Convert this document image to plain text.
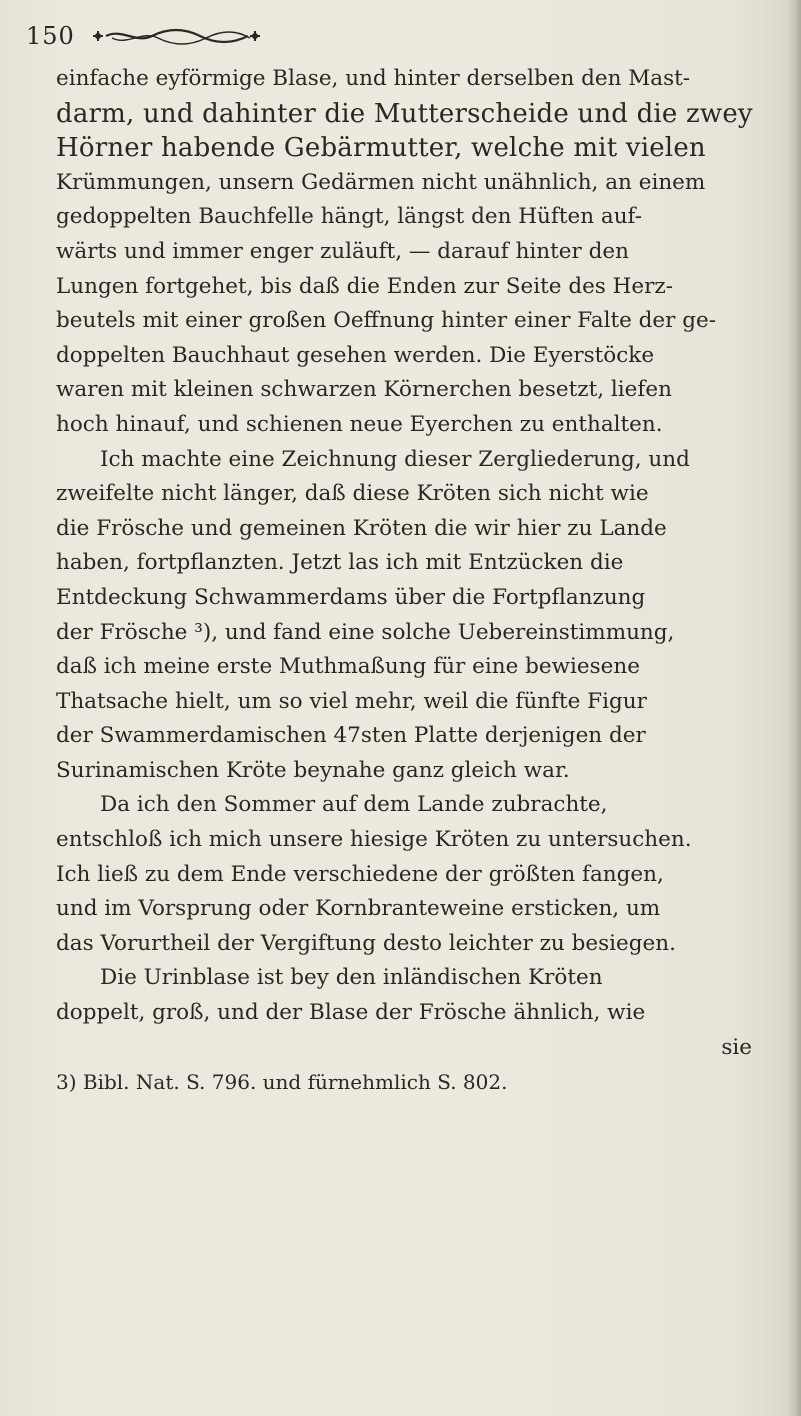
150
einfache eyförmige Blase, und hinter derselben den Mast-
darm, und dahinter die Mutterscheide und die zwey
Hörner habende Gebärmutter, welche mit vielen
Krümmungen, unsern Gedärmen nicht unähnlich, an einem
gedoppelten Bauchfelle hängt, längst den Hüften auf-
wärts und immer enger zuläuft, — darauf hinter den
Lungen fortgehet, bis daß die Enden zur Seite des Herz-
beutels mit einer großen Oeffnung hinter einer Falte der ge-
doppelten Bauchhaut gesehen werden. Die Eyerstöcke
waren mit kleinen schwarzen Körnerchen besetzt, liefen
hoch hinauf, und schienen neue Eyerchen zu enthalten.
Ich machte eine Zeichnung dieser Zergliederung, und
zweifelte nicht länger, daß diese Kröten sich nicht wie
die Frösche und gemeinen Kröten die wir hier zu Lande
haben, fortpflanzten. Jetzt las ich mit Entzücken die
Entdeckung Schwammerdams über die Fortpflanzung
der Frösche ³), und fand eine solche Uebereinstimmung,
daß ich meine erste Muthmaßung für eine bewiesene
Thatsache hielt, um so viel mehr, weil die fünfte Figur
der Swammerdamischen 47sten Platte derjenigen der
Surinamischen Kröte beynahe ganz gleich war.
Da ich den Sommer auf dem Lande zubrachte,
entschloß ich mich unsere hiesige Kröten zu untersuchen.
Ich ließ zu dem Ende verschiedene der größten fangen,
und im Vorsprung oder Kornbranteweine ersticken, um
das Vorurtheil der Vergiftung desto leichter zu besiegen.
Die Urinblase ist bey den inländischen Kröten
doppelt, groß, und der Blase der Frösche ähnlich, wie
sie
3) Bibl. Nat. S. 796. und fürnehmlich S. 802.
